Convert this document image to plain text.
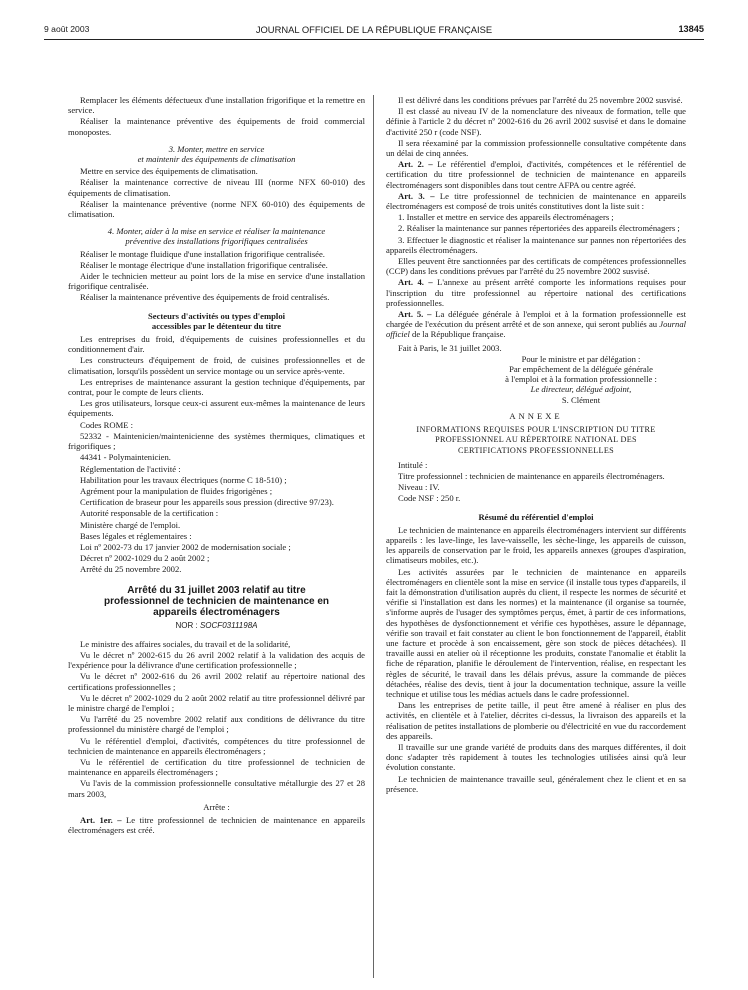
9 août 2003	JOURNAL OFFICIEL DE LA RÉPUBLIQUE FRANÇAISE	13845

Remplacer les éléments défectueux d'une installation frigorifique et la remettre en service.

Réaliser la maintenance préventive des équipements de froid commercial monopostes.

3. Monter, mettre en service
et maintenir des équipements de climatisation

Mettre en service des équipements de climatisation.

Réaliser la maintenance corrective de niveau III (norme NFX 60-010) des équipements de climatisation.

Réaliser la maintenance préventive (norme NFX 60-010) des équipements de climatisation.

4. Monter, aider à la mise en service et réaliser la maintenance
préventive des installations frigorifiques centralisées

Réaliser le montage fluidique d'une installation frigorifique centralisée.

Réaliser le montage électrique d'une installation frigorifique centralisée.

Aider le technicien metteur au point lors de la mise en service d'une installation frigorifique centralisée.

Réaliser la maintenance préventive des équipements de froid centralisés.

Secteurs d'activités ou types d'emploi
accessibles par le détenteur du titre

Les entreprises du froid, d'équipements de cuisines professionnelles et du conditionnement d'air.

Les constructeurs d'équipement de froid, de cuisines professionnelles et de climatisation, lorsqu'ils possèdent un service montage ou un service après-vente.

Les entreprises de maintenance assurant la gestion technique d'équipements, par contrat, pour le compte de leurs clients.

Les gros utilisateurs, lorsque ceux-ci assurent eux-mêmes la maintenance de leurs équipements.

Codes ROME :

52332 - Maintenicien/maintenicienne des systèmes thermiques, climatiques et frigorifiques ;

44341 - Polymaintenicien.

Réglementation de l'activité :

Habilitation pour les travaux électriques (norme C 18-510) ;

Agrément pour la manipulation de fluides frigorigènes ;

Certification de braseur pour les appareils sous pression (directive 97/23).

Autorité responsable de la certification :

Ministère chargé de l'emploi.

Bases légales et réglementaires :

Loi nº 2002-73 du 17 janvier 2002 de modernisation sociale ;

Décret nº 2002-1029 du 2 août 2002 ;

Arrêté du 25 novembre 2002.

Arrêté du 31 juillet 2003 relatif au titre
professionnel de technicien de maintenance en
appareils électroménagers
NOR : SOCF0311198A

Le ministre des affaires sociales, du travail et de la solidarité,

Vu le décret nº 2002-615 du 26 avril 2002 relatif à la validation des acquis de l'expérience pour la délivrance d'une certification professionnelle ;

Vu le décret nº 2002-616 du 26 avril 2002 relatif au répertoire national des certifications professionnelles ;

Vu le décret nº 2002-1029 du 2 août 2002 relatif au titre professionnel délivré par le ministre chargé de l'emploi ;

Vu l'arrêté du 25 novembre 2002 relatif aux conditions de délivrance du titre professionnel du ministère chargé de l'emploi ;

Vu le référentiel d'emploi, d'activités, compétences du titre professionnel de technicien de maintenance en appareils électroménagers ;

Vu le référentiel de certification du titre professionnel de technicien de maintenance en appareils électroménagers ;

Vu l'avis de la commission professionnelle consultative métallurgie des 27 et 28 mars 2003,

Arrête :

Art. 1er. – Le titre professionnel de technicien de maintenance en appareils électroménagers est créé.

Il est délivré dans les conditions prévues par l'arrêté du 25 novembre 2002 susvisé.

Il est classé au niveau IV de la nomenclature des niveaux de formation, telle que définie à l'article 2 du décret nº 2002-616 du 26 avril 2002 susvisé et dans le domaine d'activité 250 r (code NSF).

Il sera réexaminé par la commission professionnelle consultative compétente dans un délai de cinq années.

Art. 2. – Le référentiel d'emploi, d'activités, compétences et le référentiel de certification du titre professionnel de technicien de maintenance en appareils électroménagers sont disponibles dans tout centre AFPA ou centre agréé.

Art. 3. – Le titre professionnel de technicien de maintenance en appareils électroménagers est composé de trois unités constitutives dont la liste suit :

1. Installer et mettre en service des appareils électroménagers ;

2. Réaliser la maintenance sur pannes répertoriées des appareils électroménagers ;

3. Effectuer le diagnostic et réaliser la maintenance sur pannes non répertoriées des appareils électroménagers.

Elles peuvent être sanctionnées par des certificats de compétences professionnelles (CCP) dans les conditions prévues par l'arrêté du 25 novembre 2002 susvisé.

Art. 4. – L'annexe au présent arrêté comporte les informations requises pour l'inscription du titre professionnel au répertoire national des certifications professionnelles.

Art. 5. – La déléguée générale à l'emploi et à la formation professionnelle est chargée de l'exécution du présent arrêté et de son annexe, qui seront publiés au Journal officiel de la République française.

Fait à Paris, le 31 juillet 2003.

Pour le ministre et par délégation :
Par empêchement de la déléguée générale
à l'emploi et à la formation professionnelle :
Le directeur, délégué adjoint,
S. Clément
ANNEXE
INFORMATIONS REQUISES POUR L'INSCRIPTION DU TITRE
PROFESSIONNEL AU RÉPERTOIRE NATIONAL DES
CERTIFICATIONS PROFESSIONNELLES

Intitulé :

Titre professionnel : technicien de maintenance en appareils électroménagers.

Niveau : IV.

Code NSF : 250 r.

Résumé du référentiel d'emploi

Le technicien de maintenance en appareils électroménagers intervient sur différents appareils : les lave-linge, les lave-vaisselle, les sèche-linge, les appareils de cuisson, les appareils de conservation par le froid, les appareils annexes (groupes d'aspiration, climatiseurs mobiles, etc.).

Les activités assurées par le technicien de maintenance en appareils électroménagers en clientèle sont la mise en service (il installe tous types d'appareils, il fait la démonstration d'utilisation auprès du client, il respecte les normes de sécurité et vérifie si l'installation est dans les normes) et la maintenance (il organise sa tournée, s'informe auprès de l'usager des symptômes perçus, émet, à partir de ces informations, des hypothèses de dysfonctionnement et vérifie ces hypothèses, assure le dépannage, vérifie son travail et fait constater au client le bon fonctionnement de l'appareil, établit une facture et procède à son encaissement, gère son stock de pièces détachées). Il travaille aussi en atelier où il réceptionne les produits, constate l'anomalie et établit la fiche de réparation, planifie le déroulement de l'intervention, réalise, en respectant les règles de sécurité, le travail dans les délais prévus, assure la commande de pièces détachées, réalise des devis, tient à jour la documentation technique, assure la veille technique et utilise tous les médias actuels dans le cadre professionnel.

Dans les entreprises de petite taille, il peut être amené à réaliser en plus des activités, en clientèle et à l'atelier, décrites ci-dessus, la livraison des appareils et la réalisation de petites installations de plomberie ou d'électricité en vue du raccordement des appareils.

Il travaille sur une grande variété de produits dans des marques différentes, il doit donc s'adapter très rapidement à toutes les technologies utilisées ainsi qu'à leur évolution constante.

Le technicien de maintenance travaille seul, généralement chez le client et en sa présence.
